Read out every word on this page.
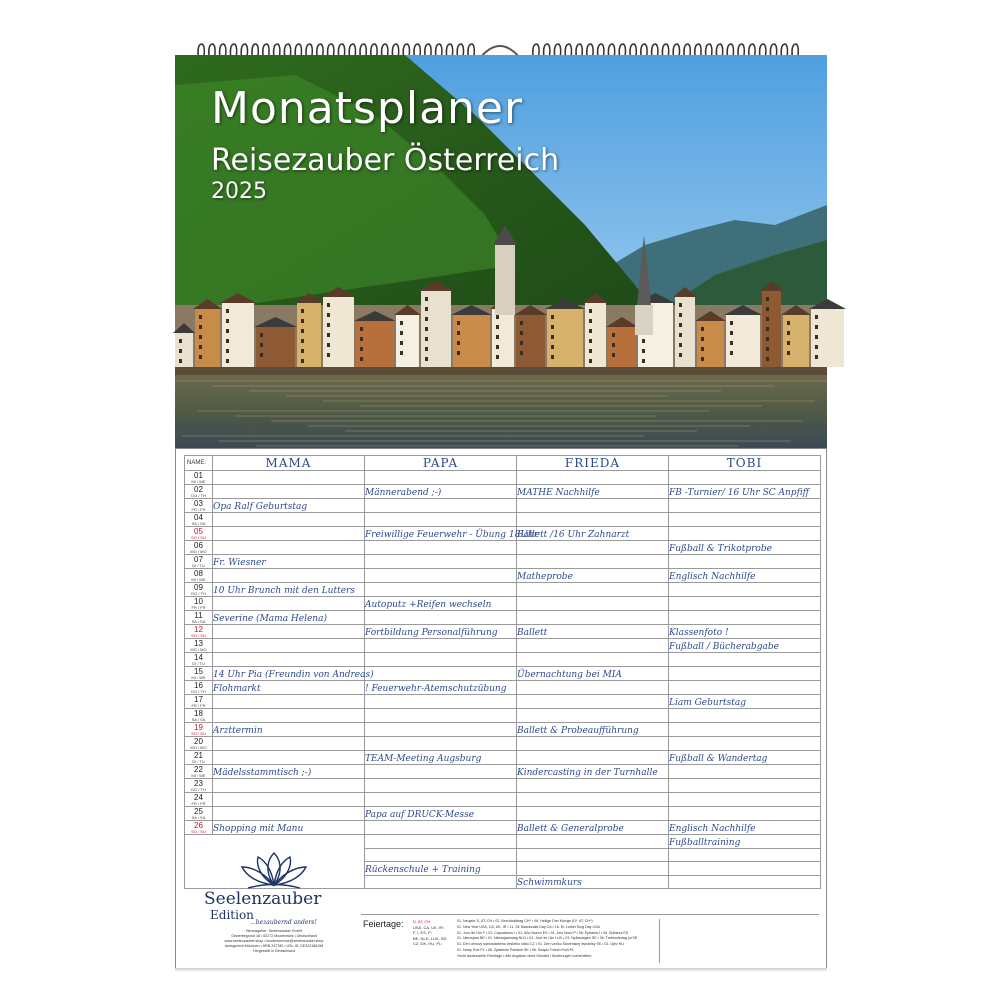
Monatsplaner
Reisezauber Österreich
2025
NAME:	MAMA	PAPA	FRIEDA	TOBI

01
MI / WE				

02
DO / TH		Männerabend ;-)	MATHE Nachhilfe	FB -Turnier/ 16 Uhr SC Anpfiff

03
FR / FR	Opa Ralf Geburtstag			

04
SA / SA				

05
SO / SU		Freiwillige Feuerwehr - Übung 18Uhr	Ballett /16 Uhr Zahnarzt	

06
MO / MO				Fußball & Trikotprobe

07
DI / TU	Fr. Wiesner			

08
MI / WE			Matheprobe	Englisch Nachhilfe

09
DO / TH	10 Uhr Brunch mit den Lutters			

10
FR / FR		Autoputz +Reifen wechseln		

11
SA / SA	Severine (Mama Helena)			

12
SO / SU		Fortbildung Personalführung	Ballett	Klassenfoto !

13
MO / MO				Fußball / Bücherabgabe

14
DI / TU				

15
MI / WE	14 Uhr Pia (Freundin von Andreas)		Übernachtung bei MIA	

16
DO / TH	Flohmarkt	! Feuerwehr-Atemschutzübung		

17
FR / FR				Liam Geburtstag

18
SA / SA				

19
SO / SU	Arzttermin		Ballett & Probeaufführung	

20
MO / MO				

21
DI / TU		TEAM-Meeting Augsburg		Fußball & Wandertag

22
MI / WE	Mädelsstammtisch ;-)		Kindercasting in der Turnhalle	

23
DO / TH				

24
FR / FR				

25
SA / SA		Papa auf DRUCK-Messe		

26
SO / SU	Shopping mit Manu		Ballett & Generalprobe	Englisch Nachhilfe
				Fußballtraining

		Rückenschule + Training		
			Schwimmkurs	
Seelenzauber
Edition
...bezaubernd anders!
Herausgeber: Seelenzauber GmbH
Gewerbegrund 18 • 82272 Moorenweis • Deutschland
www.seelenzauber.shop • kundenservice@seelenzauber.shop
Amtsgericht München • HRB 247780 • USt.-ID: DE322166158
Hergestellt in Deutschland
Feiertage: D, AT, CH
USA, CA, UK, IR:
F, I, ES, P:
BE, NLD, LUX, SE:
CZ, DK, HU, PL:
01. Neujahr D, AT, CH • 02. Berchtoldstag CH* • 06. Heilige Drei Könige (D*, AT, CH*)
01. New Year USA, CA, UK, IR • 11. Sir Macdonald Day CA • 16. M. Luther King Day USA
01. Jour de l'An F • 01. Capodanno I • 01. Año Nuevo ES • 01. Ano Novo P • 06. Epifania I • 06. Epifanía ES
01. Nieuwjaar BE • 01. Nieuwjaarsdag NLD • 01. Jour de l'An LUX • 01. Nyårsdagen SE • 06. Trettondedag jul SE
01. Den obnovy samostatného českého státu CZ • 01. Den vzniku Slovenskej republiky SK • 01. Újév HU
01. Nowy Rok PL • 06. Zjawienie Pańskie SK • 06. Święto Trzech Króli PL
*nicht landesweite Feiertage • Alle Angaben ohne Gewähr / Änderungen vorbehalten
